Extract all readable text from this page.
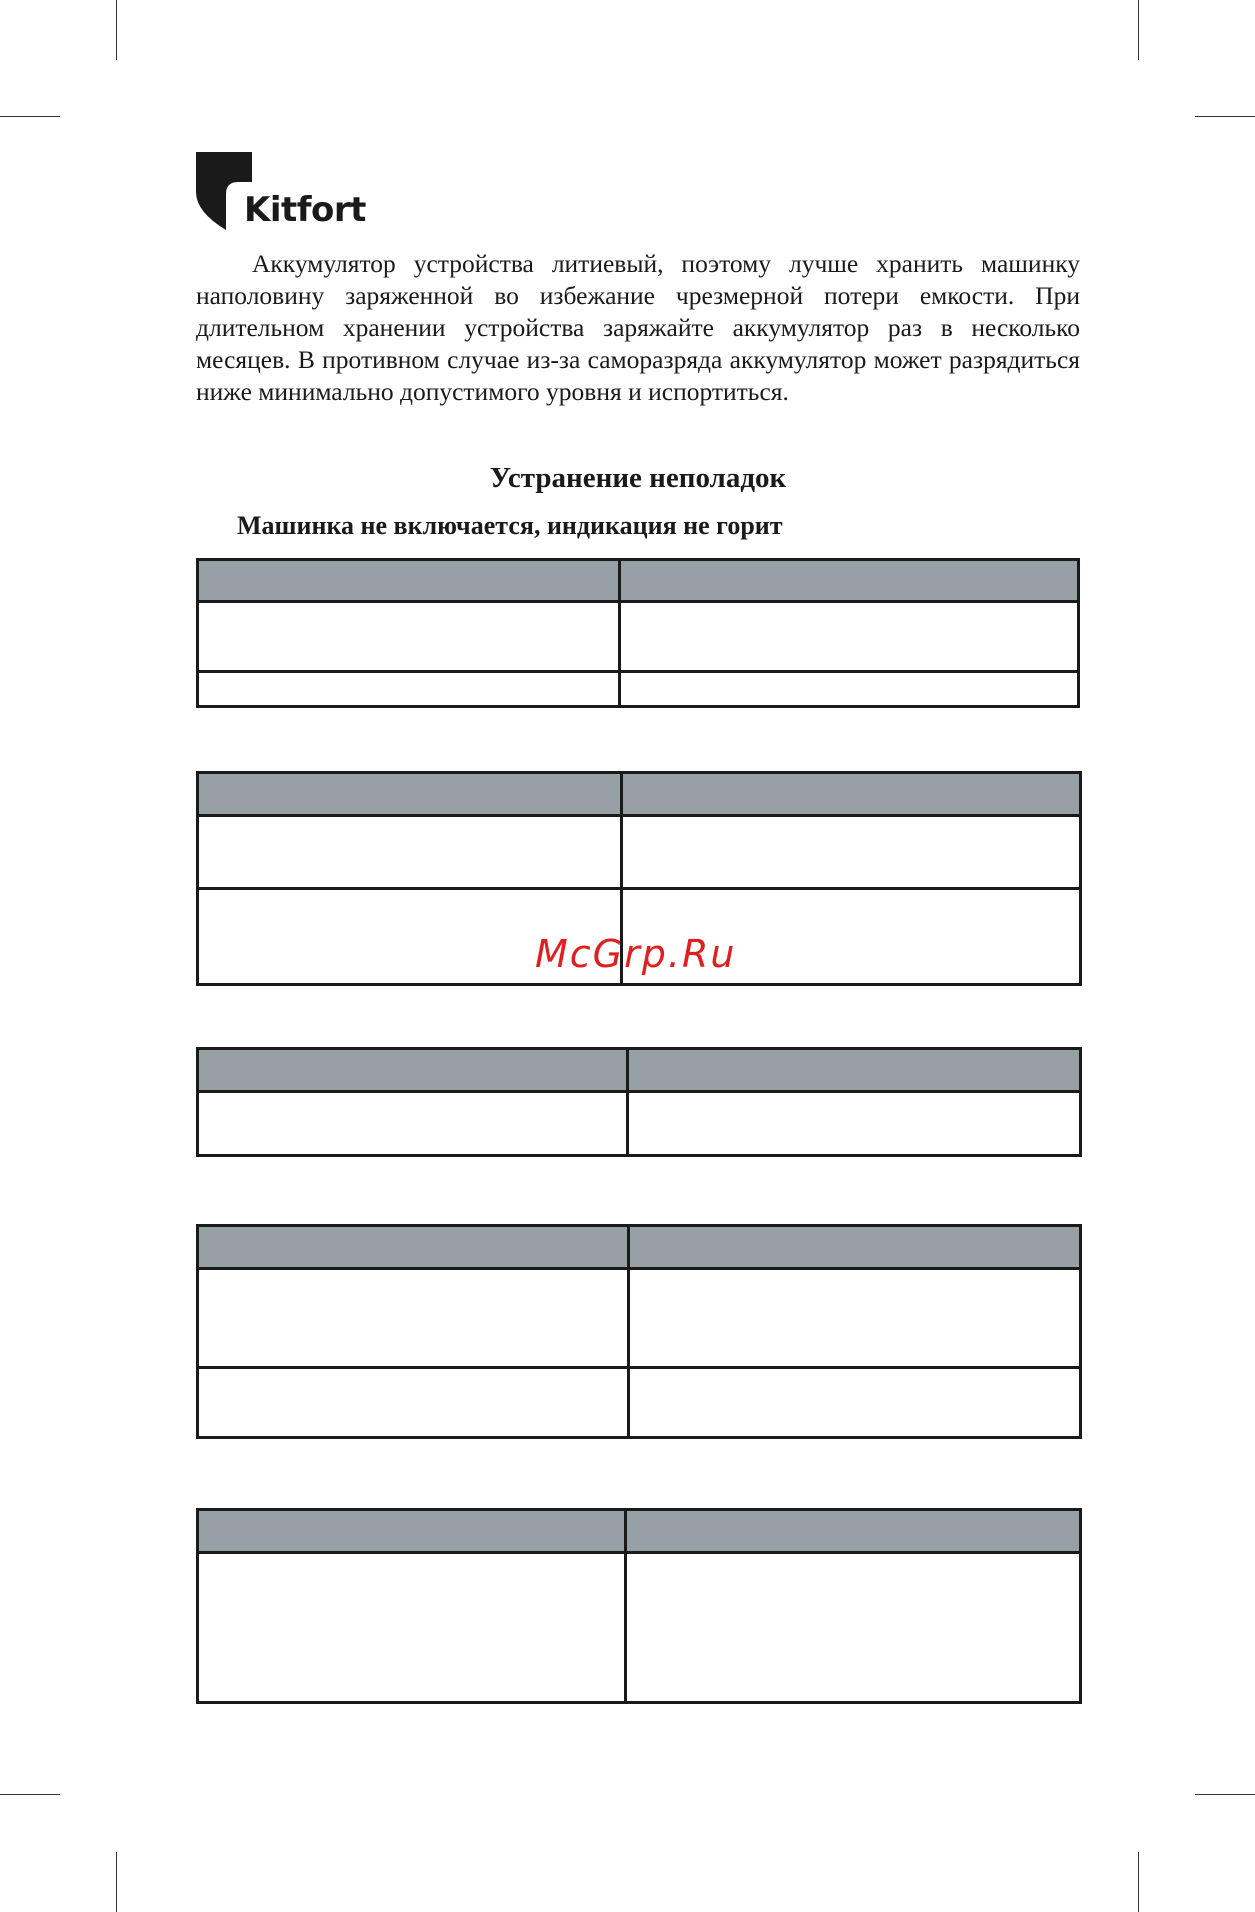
Kitfort

Аккумулятор устройства литиевый, поэтому лучше хранить машинку наполовину заряженной во избежание чрезмерной потери емкости. При длительном хранении устройства заряжайте аккумулятор раз в несколько месяцев. В противном случае из-за саморазряда аккумулятор может разрядиться ниже минимально допустимого уровня и испортиться.

Устранение неполадок
Машинка не включается, индикация не горит
McGrp.Ru
